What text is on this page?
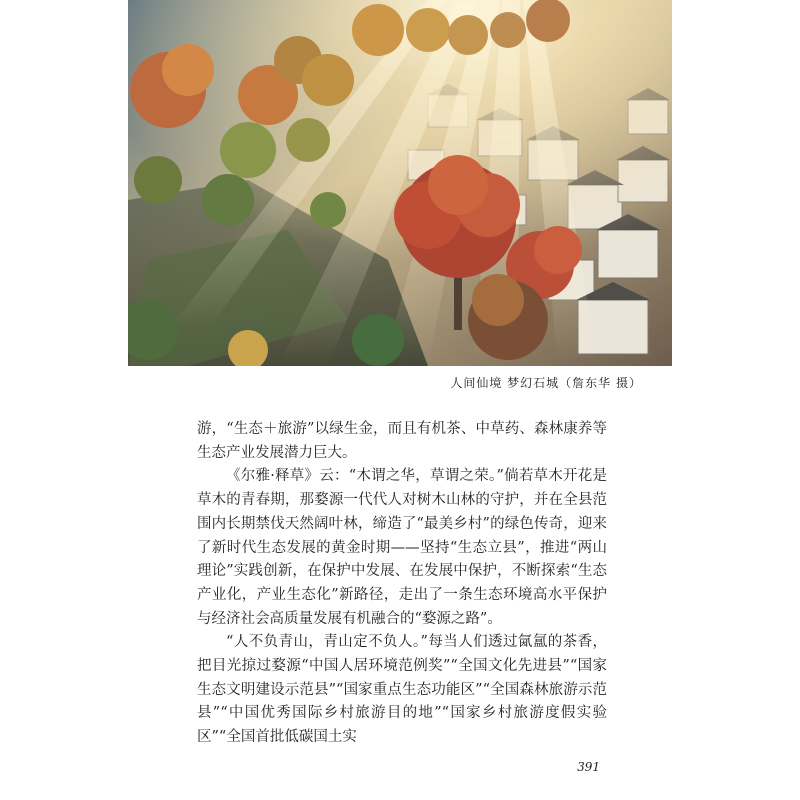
人间仙境 梦幻石城（詹东华 摄）

游，“生态＋旅游”以绿生金，而且有机茶、中草药、森林康养等生态产业发展潜力巨大。

《尔雅·释草》云：“木谓之华，草谓之荣。”倘若草木开花是草木的青春期，那婺源一代代人对树木山林的守护，并在全县范围内长期禁伐天然阔叶林，缔造了“最美乡村”的绿色传奇，迎来了新时代生态发展的黄金时期——坚持“生态立县”，推进“两山理论”实践创新，在保护中发展、在发展中保护，不断探索“生态产业化，产业生态化”新路径，走出了一条生态环境高水平保护与经济社会高质量发展有机融合的“婺源之路”。

“人不负青山，青山定不负人。”每当人们透过氤氲的茶香，把目光掠过婺源“中国人居环境范例奖”“全国文化先进县”“国家生态文明建设示范县”“国家重点生态功能区”“全国森林旅游示范县”“中国优秀国际乡村旅游目的地”“国家乡村旅游度假实验区”“全国首批低碳国土实

391
